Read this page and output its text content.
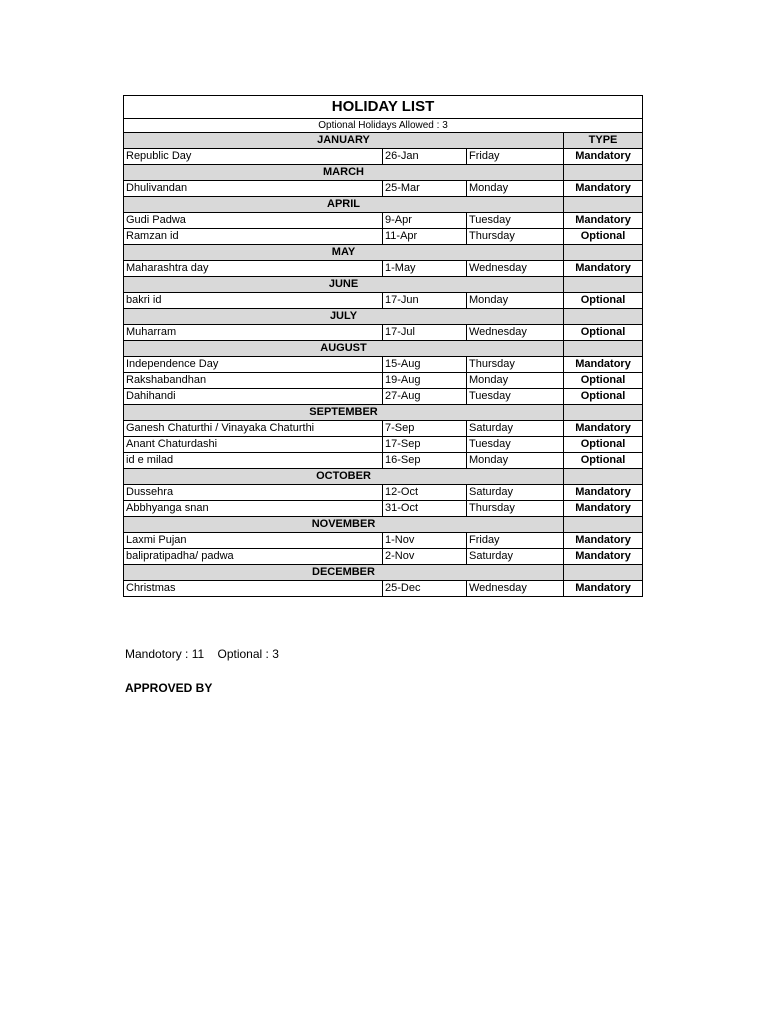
HOLIDAY LIST			
Optional Holidays Allowed : 3			
JANUARY			TYPE
Republic Day	26-Jan	Friday	Mandatory
MARCH			
Dhulivandan	25-Mar	Monday	Mandatory
APRIL			
Gudi Padwa	9-Apr	Tuesday	Mandatory
Ramzan id	11-Apr	Thursday	Optional
MAY			
Maharashtra day	1-May	Wednesday	Mandatory
JUNE			
bakri id	17-Jun	Monday	Optional
JULY			
Muharram	17-Jul	Wednesday	Optional
AUGUST			
Independence Day	15-Aug	Thursday	Mandatory
Rakshabandhan	19-Aug	Monday	Optional
Dahihandi	27-Aug	Tuesday	Optional
SEPTEMBER			
Ganesh Chaturthi / Vinayaka Chaturthi	7-Sep	Saturday	Mandatory
Anant Chaturdashi	17-Sep	Tuesday	Optional
id e milad	16-Sep	Monday	Optional
OCTOBER			
Dussehra	12-Oct	Saturday	Mandatory
Abbhyanga snan	31-Oct	Thursday	Mandatory
NOVEMBER			
Laxmi Pujan	1-Nov	Friday	Mandatory
balipratipadha/ padwa	2-Nov	Saturday	Mandatory
DECEMBER			
Christmas	25-Dec	Wednesday	Mandatory
Mandotory : 11 Optional : 3
APPROVED BY
